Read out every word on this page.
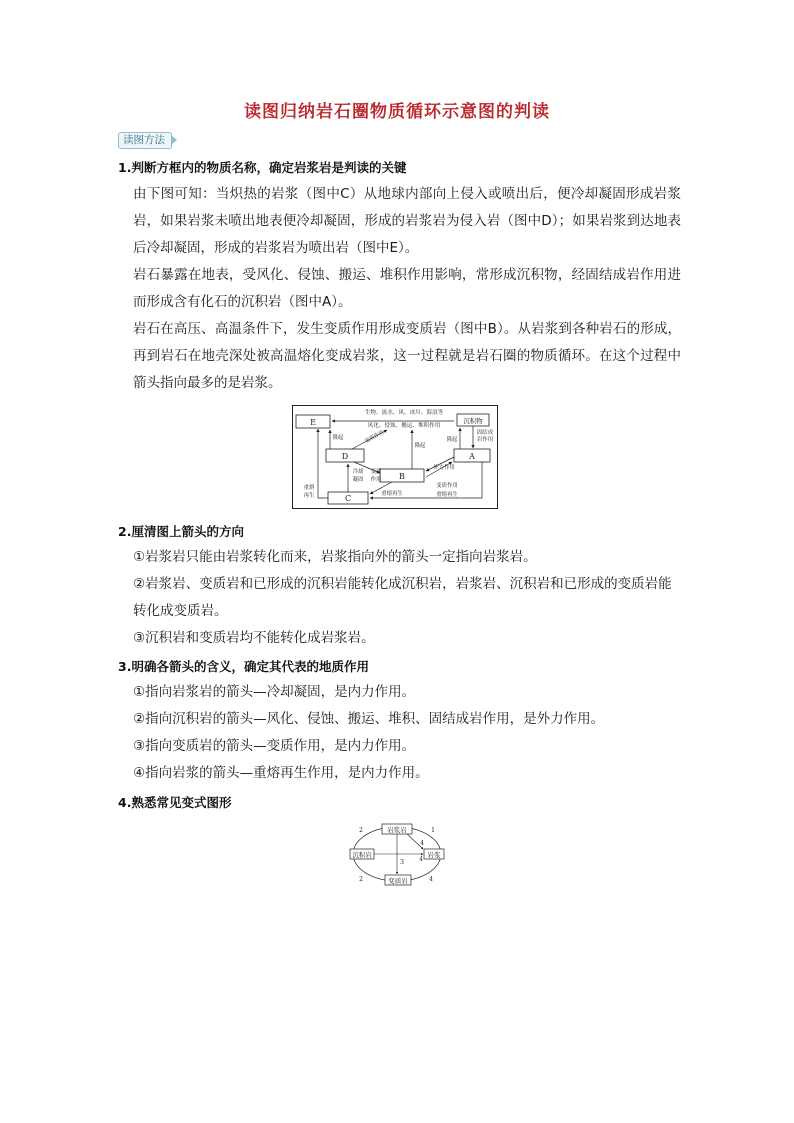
读图归纳岩石圈物质循环示意图的判读
读图方法
1.判断方框内的物质名称，确定岩浆岩是判读的关键
由下图可知：当炽热的岩浆（图中C）从地球内部向上侵入或喷出后，便冷却凝固形成岩浆岩，如果岩浆未喷出地表便冷却凝固，形成的岩浆岩为侵入岩（图中D）；如果岩浆到达地表后冷却凝固，形成的岩浆岩为喷出岩（图中E）。
岩石暴露在地表，受风化、侵蚀、搬运、堆积作用影响，常形成沉积物，经固结成岩作用进而形成含有化石的沉积岩（图中A）。
岩石在高压、高温条件下，发生变质作用形成变质岩（图中B）。从岩浆到各种岩石的形成，再到岩石在地壳深处被高温熔化变成岩浆，这一过程就是岩石圈的物质循环。在这个过程中箭头指向最多的是岩浆。
E
D
B
C
A
沉积物
生物、流水、风、冰川、海浪等
风化、侵蚀、搬运、堆积作用
固结成
岩作用
隆起
隆起
隆起
变质作用
冷却
凝固
变质
作用
外力作用
变质作用
重熔
再生	重熔再生	重熔再生
2.厘清图上箭头的方向
①岩浆岩只能由岩浆转化而来，岩浆指向外的箭头一定指向岩浆岩。
②岩浆岩、变质岩和已形成的沉积岩能转化成沉积岩，岩浆岩、沉积岩和已形成的变质岩能转化成变质岩。
③沉积岩和变质岩均不能转化成岩浆岩。
3.明确各箭头的含义，确定其代表的地质作用
①指向岩浆岩的箭头—冷却凝固，是内力作用。
②指向沉积岩的箭头—风化、侵蚀、搬运、堆积、固结成岩作用，是外力作用。
③指向变质岩的箭头—变质作用，是内力作用。
④指向岩浆的箭头—重熔再生作用，是内力作用。
4.熟悉常见变式图形
岩浆岩
沉积岩	岩浆
变质岩
1
2
2
3
4
4
4
